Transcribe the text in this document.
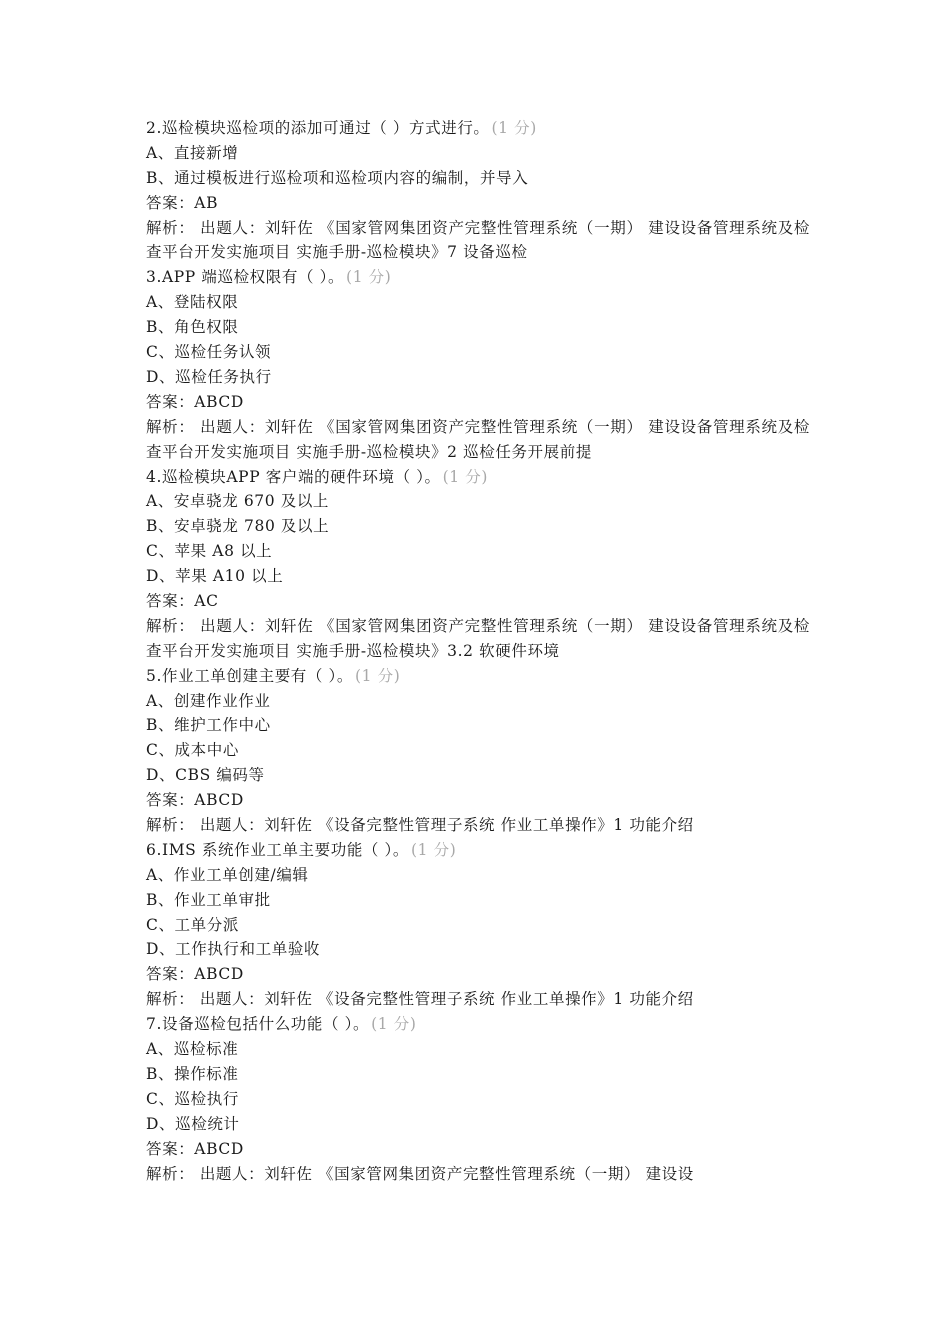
2.巡检模块巡检项的添加可通过（ ）方式进行。 (1 分)
A、直接新增
B、通过模板进行巡检项和巡检项内容的编制，并导入
答案：AB
解析： 出题人：刘轩佐 《国家管网集团资产完整性管理系统（一期） 建设设备管理系统及检查平台开发实施项目 实施手册-巡检模块》7 设备巡检
3.APP 端巡检权限有（ ）。 (1 分)
A、登陆权限
B、角色权限
C、巡检任务认领
D、巡检任务执行
答案：ABCD
解析： 出题人：刘轩佐 《国家管网集团资产完整性管理系统（一期） 建设设备管理系统及检查平台开发实施项目 实施手册-巡检模块》2 巡检任务开展前提
4.巡检模块APP 客户端的硬件环境（ ）。 (1 分)
A、安卓骁龙 670 及以上
B、安卓骁龙 780 及以上
C、苹果 A8 以上
D、苹果 A10 以上
答案：AC
解析： 出题人：刘轩佐 《国家管网集团资产完整性管理系统（一期） 建设设备管理系统及检查平台开发实施项目 实施手册-巡检模块》3.2 软硬件环境
5.作业工单创建主要有（ ）。 (1 分)
A、创建作业作业
B、维护工作中心
C、成本中心
D、CBS 编码等
答案：ABCD
解析： 出题人：刘轩佐 《设备完整性管理子系统 作业工单操作》1 功能介绍
6.IMS 系统作业工单主要功能（ ）。 (1 分)
A、作业工单创建/编辑
B、作业工单审批
C、工单分派
D、工作执行和工单验收
答案：ABCD
解析： 出题人：刘轩佐 《设备完整性管理子系统 作业工单操作》1 功能介绍
7.设备巡检包括什么功能（ ）。 (1 分)
A、巡检标准
B、操作标准
C、巡检执行
D、巡检统计
答案：ABCD
解析： 出题人：刘轩佐 《国家管网集团资产完整性管理系统（一期） 建设设
